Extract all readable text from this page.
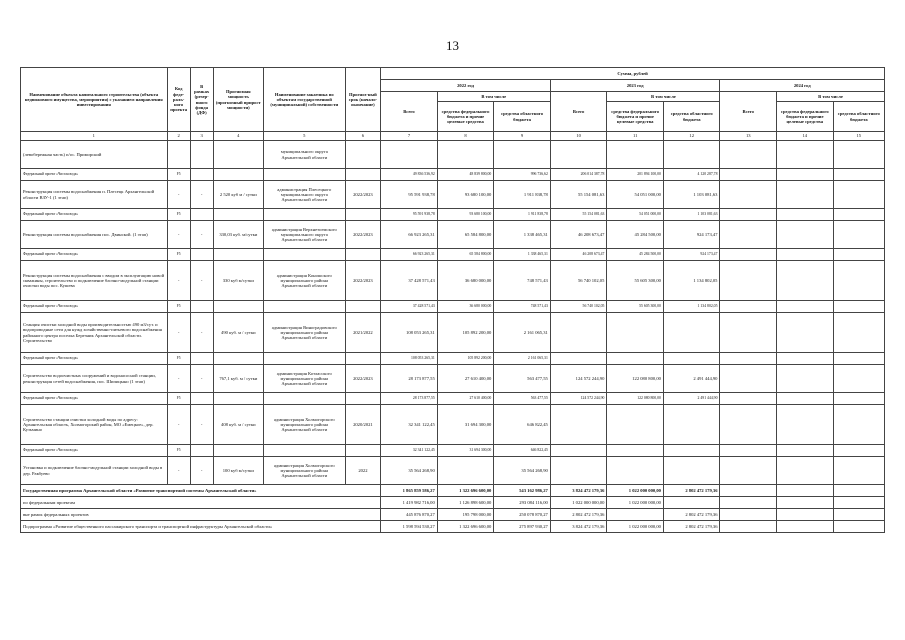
13
Наименование объекта капитального строительства (объекта недвижимого имущества, мероприятия) с указанием направления инвестирования	Код феде-раль-ного проекта	В рамках (резер-вного фонда (ДФ)	Прогнозная мощность (прогнозный прирост мощности)	Наименование заказчика по объектам государственной (муниципальной) собственности	Прогноз-ный срок (начало-окончание)	Сумма, рублей								
						2022 год			2023 год			2024 год		
						Всего	В том числе		Всего	В том числе		Всего	В том числе	
							средства федерального бюджета и прочие целевые средства	средства областного бюджета		средства федерального бюджета и прочие целевые средства	средства областного бюджета		средства федерального бюджета и прочие целевые средства	средства областного бюджета
1	2	3	4	5	6	7	8	9	10	11	12	13	14	15
(левобережная часть) п/ос. Приморский				муниципального округа Архангельской области										
Федеральный проект «Чистая вода»	F5					49 836 536,92	48 839 800,00	996 736,62	206 014 387,78	201 894 100,00	4 120 287,78			
Реконструкция системы водоснабжения п. Плесецк Архангельской области ВЗУ-1 (1 этап)	-	-	2 520 куб м / сутки	администрация Плесецкого муниципального округа Архангельской области	2022/2023	95 591 938,78	93 680 100,00	1 911 838,78	55 154 081,63	54 051 000,00	1 103 081,63			
Федеральный проект «Чистая вода»	F5					95 591 938,78	93 680 100,00	1 911 838,78	55 154 081,63	54 051 000,00	1 103 081,63			
Реконструкция системы водоснабжения пос. Двинской. (1 этап)	-	-	330,03 куб. м/сутки	администрация Верхнетоемского муниципального округа Архангельской области	2022/2023	66 923 265,31	65 584 800,00	1 338 465,31	46 208 673,47	45 284 500,00	924 173,47			
Федеральный проект «Чистая вода»	F5					66 923 265,31	65 584 800,00	1 338 465,31	46 208 673,47	45 284 500,00	924 173,47			
Реконструкция системы водоснабжения с вводом в эксплуатацию новой скважины, строительство и подключение блочно-модульной станции очистки воды пос. Кушева	-	-	330 куб м/сутки	администрация Коношского муниципального района Архангельской области	2022/2023	37 428 571,43	36 680 000,00	748 571,43	56 740 102,05	55 605 300,00	1 134 802,05			
Федеральный проект «Чистая вода»	F5					37 428 571,43	36 680 000,00	748 571,43	56 740 102,05	55 605 300,00	1 134 802,05			
Станция очистки холодной воды производительностью 490 м3/сут. и водопроводные сети для нужд хозяйственно-питьевого водоснабжения районного центра поселка Березник Архангельской области. Строительство	-	-	490 куб. м / сутки	администрация Виноградовского муниципального района Архангельской области	2021/2022	108 053 265,31	105 892 200,00	2 161 065,31						
Федеральный проект «Чистая вода»	F5					108 053 265,31	105 892 200,00	2 161 065,31						
Строительство водоочистных сооружений и водонасосной станции, реконструкция сетей водоснабжения, пос. Шипицыно (1 этап)	-	-	767,1 куб. м / сутки	администрация Котласского муниципального района Архангельской области	2022/2023	28 173 877,55	27 610 400,00	563 477,55	124 572 244,90	122 080 800,00	2 491 444,90			
Федеральный проект «Чистая вода»	F5					28 173 877,55	27 610 400,00	563 477,55	124 572 244,90	122 080 800,00	2 491 444,90			
Строительство станции очистки холодной воды по адресу: Архангельская область, Холмогорский район, МО «Емецкое», дер. Кузьмино	-	-	408 куб. м / сутки	администрация Холмогорского муниципального района Архангельской области	2020/2021	32 341 122,45	31 694 300,00	646 822,45						
Федеральный проект «Чистая вода»	F5					32 341 122,45	31 694 300,00	646 822,45						
Установка и подключение блочно-модульной станции холодной воды в дер. Ракбуево	-	-	100 куб м/сутки	администрация Холмогорского муниципального района Архангельской области	2022	35 564 268,90		35 564 268,90						
Государственная программа Архангельской области «Развитие транспортной системы Архангельской области»						1 865 859 586,27	1 322 696 600,00	543 162 986,27	3 824 472 179,36	1 022 000 000,00	2 802 472 179,36			
по федеральным проектам						1 419 982 716,00	1 126 898 600,00	293 084 116,00	1 022 000 000,00	1 022 000 000,00				
вне рамок федеральных проектов						445 876 870,27	195 798 000,00	250 078 870,27	2 802 472 179,36		2 802 472 179,36			
Подпрограмма «Развитие общественного пассажирского транспорта и транспортной инфраструктуры Архангельской области»						1 598 594 530,27	1 322 696 600,00	275 897 930,27	3 824 472 179,36	1 022 000 000,00	2 802 472 179,36			
